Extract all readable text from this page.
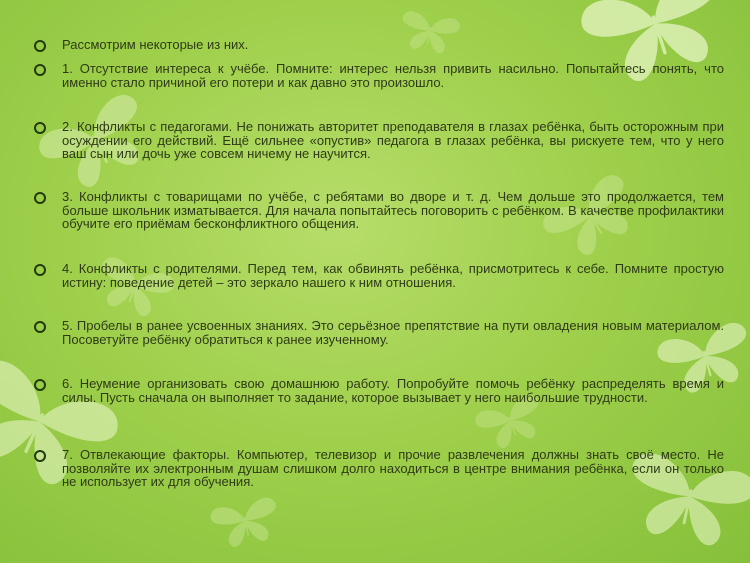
Рассмотрим некоторые из них.
1. Отсутствие интереса к учёбе. Помните: интерес нельзя привить насильно. Попытайтесь понять, что именно стало причиной его потери и как давно это произошло.
2. Конфликты с педагогами. Не понижать авторитет преподавателя в глазах ребёнка, быть осторожным при осуждении его действий. Ещё сильнее «опустив» педагога в глазах ребёнка, вы рискуете тем, что у него ваш сын или дочь уже совсем ничему не научится.
3. Конфликты с товарищами по учёбе, с ребятами во дворе и т. д. Чем дольше это продолжается, тем больше школьник изматывается. Для начала попытайтесь поговорить с ребёнком. В качестве профилактики обучите его приёмам бесконфликтного общения.
4. Конфликты с родителями. Перед тем, как обвинять ребёнка, присмотритесь к себе. Помните простую истину: поведение детей – это зеркало нашего к ним отношения.
5. Пробелы в ранее усвоенных знаниях. Это серьёзное препятствие на пути овладения новым материалом. Посоветуйте ребёнку обратиться к ранее изученному.
6. Неумение организовать свою домашнюю работу. Попробуйте помочь ребёнку распределять время и силы. Пусть сначала он выполняет то задание, которое вызывает у него наибольшие трудности.
7. Отвлекающие факторы. Компьютер, телевизор и прочие развлечения должны знать своё место. Не позволяйте их электронным душам слишком долго находиться в центре внимания ребёнка, если он только не использует их для обучения.
